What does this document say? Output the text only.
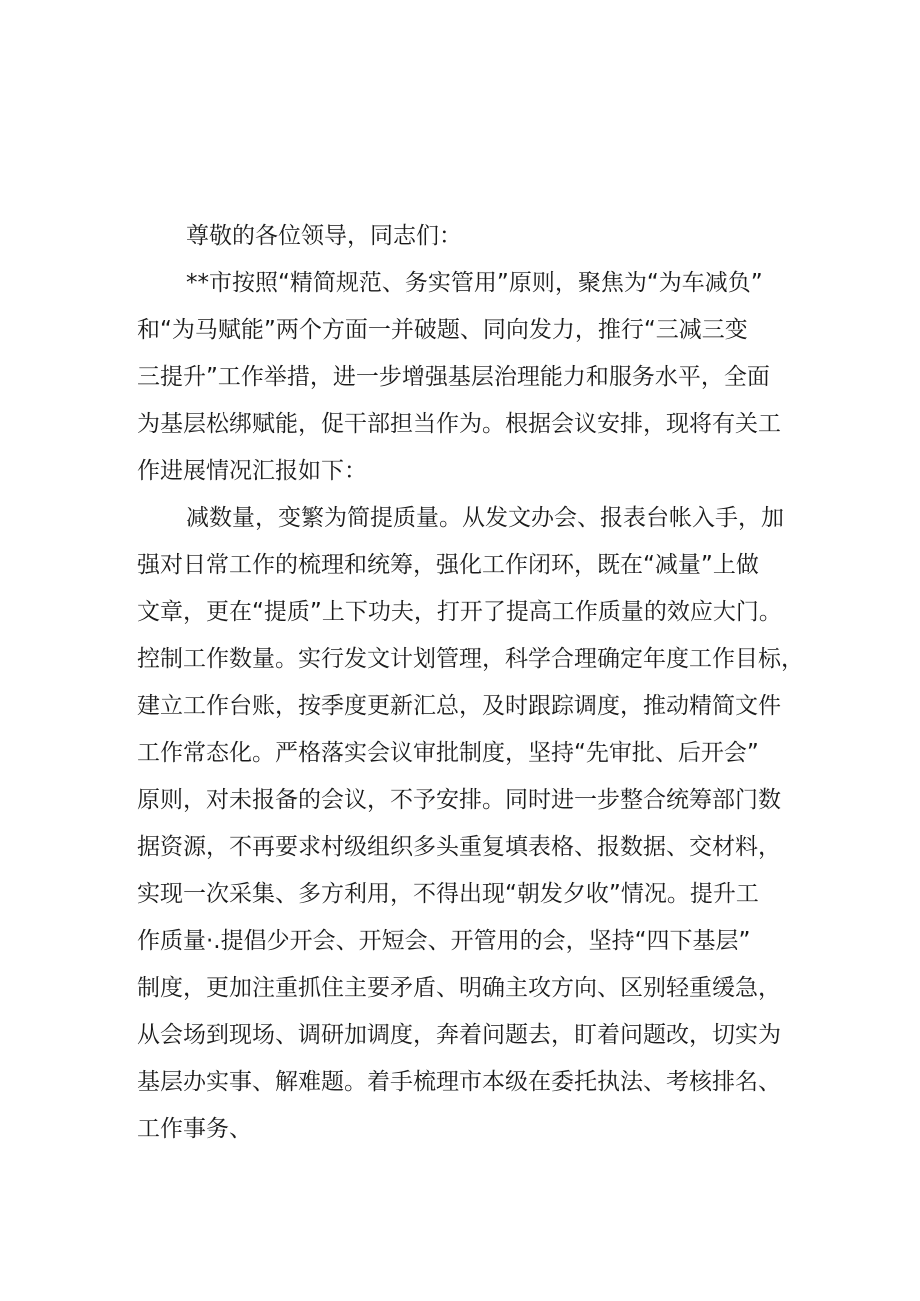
尊敬的各位领导，同志们：
**市按照“精简规范、务实管用”原则，聚焦为“为车减负”
和“为马赋能”两个方面一并破题、同向发力，推行“三减三变
三提升”工作举措，进一步增强基层治理能力和服务水平，全面
为基层松绑赋能，促干部担当作为。根据会议安排，现将有关工
作进展情况汇报如下：
减数量，变繁为简提质量。从发文办会、报表台帐入手，加
强对日常工作的梳理和统筹，强化工作闭环，既在“减量”上做
文章，更在“提质”上下功夫，打开了提高工作质量的效应大门。
控制工作数量。实行发文计划管理，科学合理确定年度工作目标，
建立工作台账，按季度更新汇总，及时跟踪调度，推动精简文件
工作常态化。严格落实会议审批制度，坚持“先审批、后开会”
原则，对未报备的会议，不予安排。同时进一步整合统筹部门数
据资源，不再要求村级组织多头重复填表格、报数据、交材料，
实现一次采集、多方利用，不得出现“朝发夕收”情况。提升工
作质量·.提倡少开会、开短会、开管用的会，坚持“四下基层”
制度，更加注重抓住主要矛盾、明确主攻方向、区别轻重缓急，
从会场到现场、调研加调度，奔着问题去，盯着问题改，切实为
基层办实事、解难题。着手梳理市本级在委托执法、考核排名、
工作事务、
